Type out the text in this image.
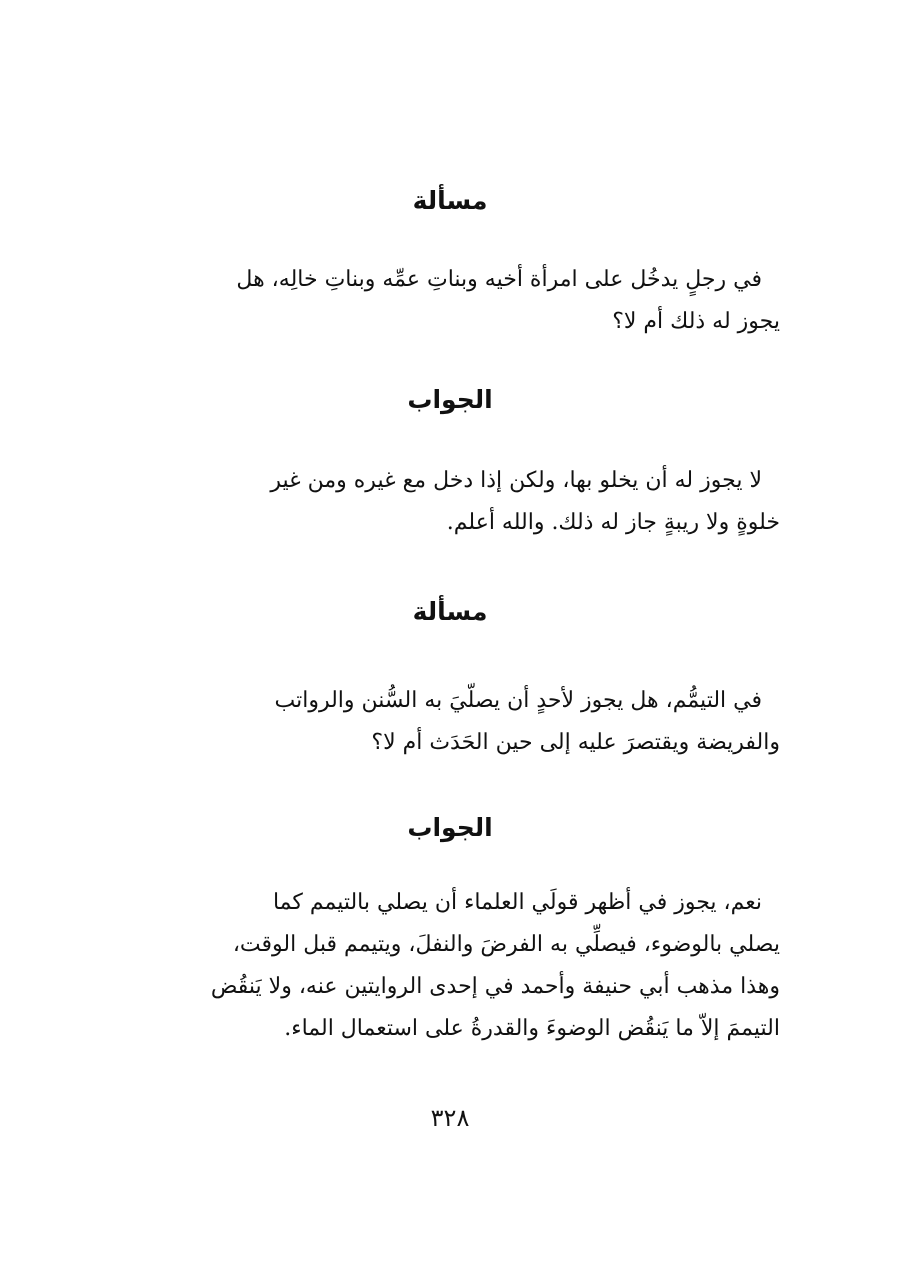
مسألة
في رجلٍ يدخُل على امرأة أخيه وبناتِ عمِّه وبناتِ خالِه، هل
يجوز له ذلك أم لا؟
الجواب
لا يجوز له أن يخلو بها، ولكن إذا دخل مع غيره ومن غير
خلوةٍ ولا ريبةٍ جاز له ذلك. والله أعلم.
مسألة
في التيمُّم، هل يجوز لأحدٍ أن يصلّيَ به السُّنن والرواتب
والفريضة ويقتصرَ عليه إلى حين الحَدَث أم لا؟
الجواب
نعم، يجوز في أظهر قولَي العلماء أن يصلي بالتيمم كما
يصلي بالوضوء، فيصلِّي به الفرضَ والنفلَ، ويتيمم قبل الوقت،
وهذا مذهب أبي حنيفة وأحمد في إحدى الروايتين عنه، ولا يَنقُض
التيممَ إلاّ ما يَنقُض الوضوءَ والقدرةُ على استعمال الماء.
٣٢٨
